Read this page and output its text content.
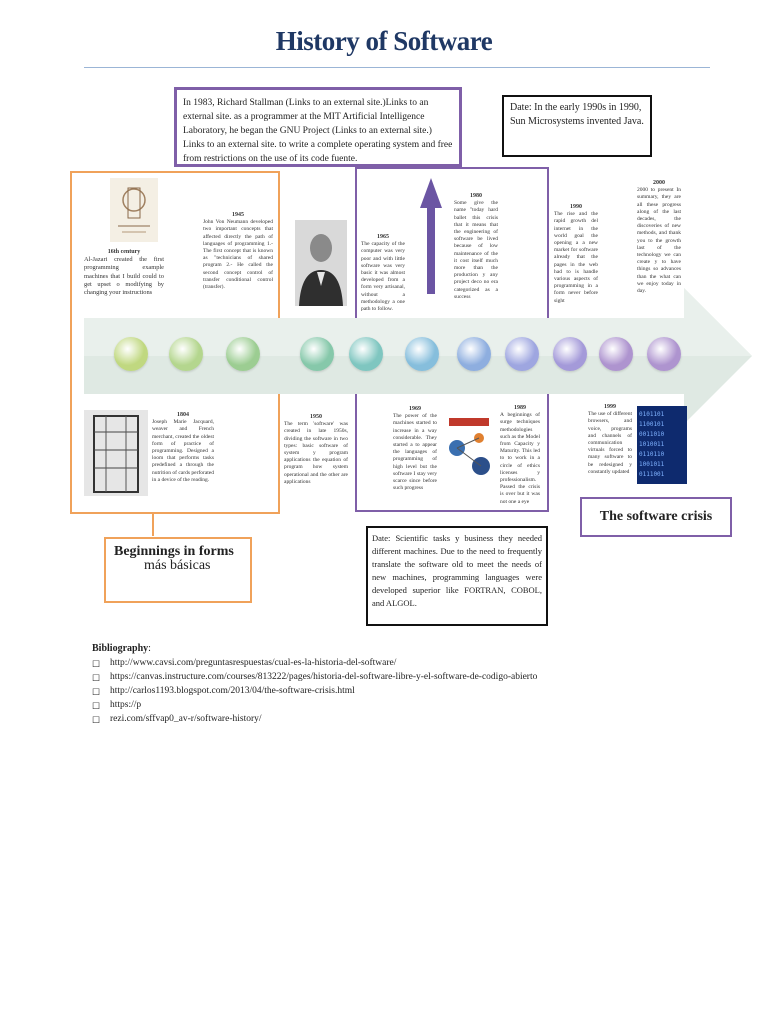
History of Software
In 1983, Richard Stallman (Links to an external site.)Links to an external site. as a programmer at the MIT Artificial Intelligence Laboratory, he began the GNU Project (Links to an external site.) Links to an external site. to write a complete operating system and free from restrictions on the use of its code fuente.
Date: In the early 1990s in 1990, Sun Microsystems invented Java.
0101101
1100101
0011010
1010011
0110110
1001011
0111001
16th century
Al-Jazari created the first programming example machines that I build could to get upset o modifying by changing your instructions
1945
John Von Neumann developed two important concepts that affected directly the path of languages of programming 1.- The first concept that is known as "technicians of shared program 2.- He called the second concept control of transfer conditional control (transfer).
1965
The capacity of the computer was very poor and with little software was very basic it was almost developed from a form very artisanal, without a methodology a one path to follow.
1980
Some give the name "today hard ballet this crisis that it means that the engineering of software be lived because of low maintenance of the it cost itself much more than the production y any project deco no era categorized as a success
1990
The rise and the rapid growth del internet in the world goal the opening a a new market for software already that the pages in the web had to is handle various aspects of programming in a form never before sight
2000
2000 to present In summary, they are all these progress along of the last decades, the discoveries of new methods, and thank you to the growth last of the technology we can create y to have things so advances than the what can we enjoy today in day.
1804
Joseph Marie Jacquard, weaver and French merchant, created the oldest form of practice of programming. Designed a loom that performs tasks predefined a through the nutrition of cards perforated in a device of the reading.
1950
The term 'software' was created in late 1950s, dividing the software in two types: basic software of system y program applications the equation of program how system operational and the other are applications
1969
The power of the machines started to increase in a way considerable. They started a to appear the languages of programming of high level but the software I stay very scarce since before such progress
1989
A beginnings of surge techniques methodologies such as the Model from Capacity y Maturity. This led to to work in a circle of ethics licenses y professionalism. Passed the crisis is over but it was not one a eye
1999
The use of different browsers, and voice, programs and channels of communication virtuals forced to many software to be redesigned y constantly updated
Beginnings in forms
más básicas
The software crisis
Date: Scientific tasks y business they needed different machines. Due to the need to frequently translate the software old to meet the needs of new machines, programming languages were developed superior like FORTRAN, COBOL, and ALGOL.
Bibliography:
☐ http://www.cavsi.com/preguntasrespuestas/cual-es-la-historia-del-software/
☐ https://canvas.instructure.com/courses/813222/pages/historia-del-software-libre-y-el-software-de-codigo-abierto
☐ http://carlos1193.blogspot.com/2013/04/the-software-crisis.html
☐ https://p
☐ rezi.com/sffvap0_av-r/software-history/
